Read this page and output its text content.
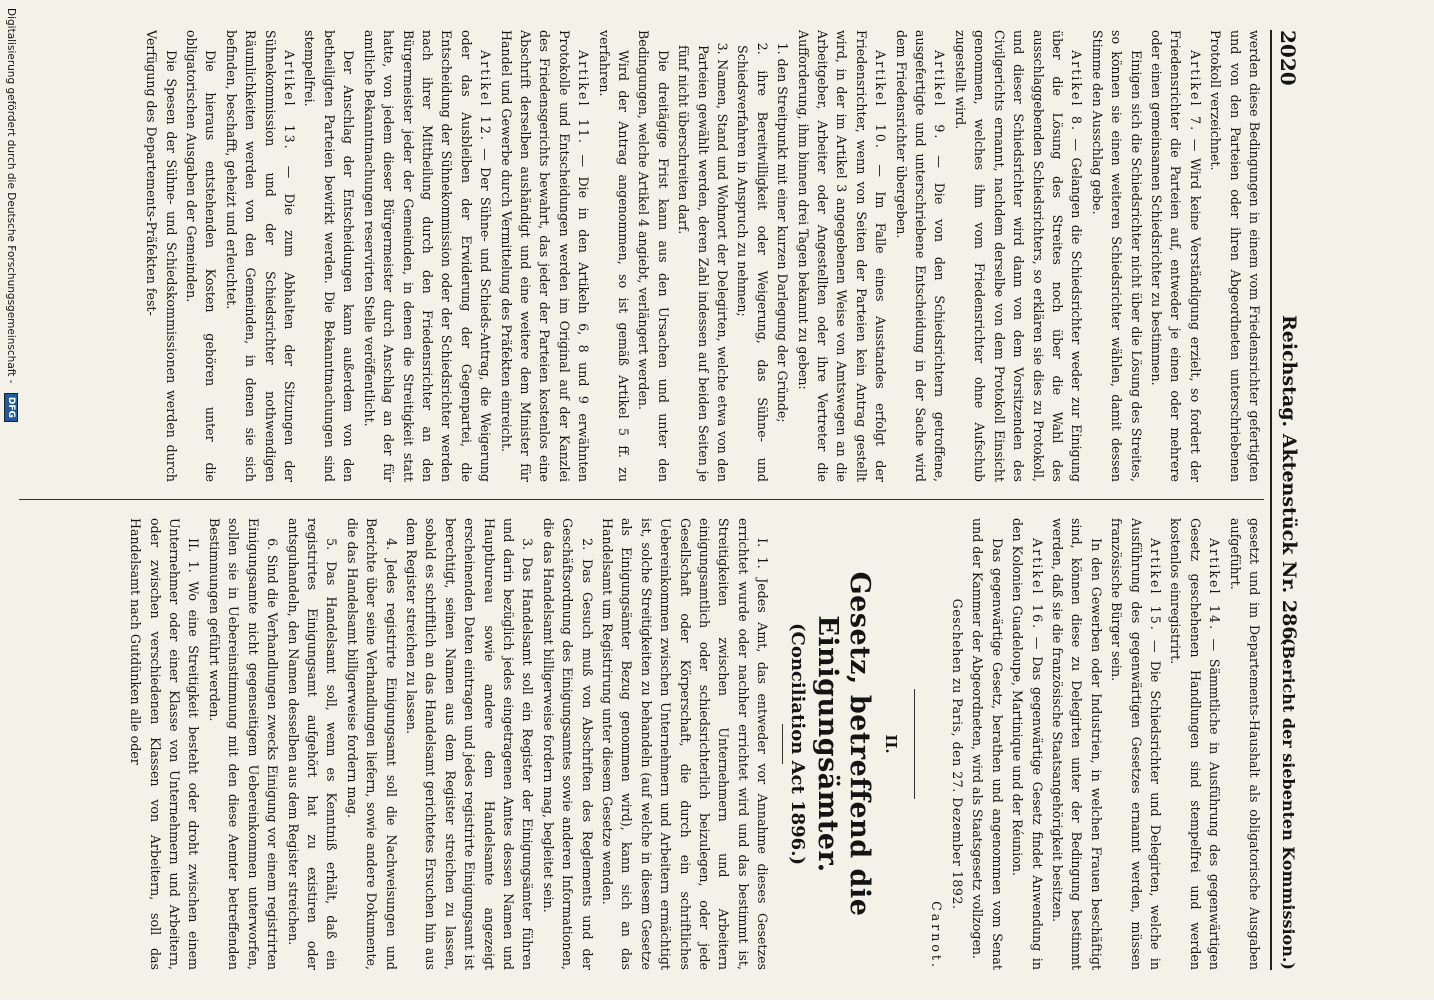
2020
Reichstag. Aktenstück Nr. 286.
(Bericht der siebenten Kommission.)

werden diese Bedingungen in einem vom Friedensrichter gefertigten und von den Parteien oder ihren Abgeordneten unterschriebenen Protokoll verzeichnet.

Artikel 7. — Wird keine Verständigung erzielt, so fordert der Friedensrichter die Parteien auf, entweder je einen oder mehrere oder einen gemeinsamen Schiedsrichter zu bestimmen.

Einigen sich die Schiedsrichter nicht über die Lösung des Streites, so können sie einen weiteren Schiedsrichter wählen, damit dessen Stimme den Ausschlag gebe.

Artikel 8. — Gelangen die Schiedsrichter weder zur Einigung über die Lösung des Streites noch über die Wahl des ausschlaggebenden Schiedsrichters, so erklären sie dies zu Protokoll, und dieser Schiedsrichter wird dann von dem Vorsitzenden des Civilgerichts ernannt, nachdem derselbe von dem Protokoll Einsicht genommen, welches ihm vom Friedensrichter ohne Aufschub zugestellt wird.

Artikel 9. — Die von den Schiedsrichtern getroffene, ausgefertigte und unterschriebene Entscheidung in der Sache wird dem Friedensrichter übergeben.

Artikel 10. — Im Falle eines Ausstandes erfolgt der Friedensrichter, wenn von Seiten der Parteien kein Antrag gestellt wird, in der im Artikel 3 angegebenen Weise von Amtswegen an die Arbeitgeber, Arbeiter oder Angestellten oder ihre Vertreter die Aufforderung, ihm binnen drei Tagen bekannt zu geben:

1. den Streitpunkt mit einer kurzen Darlegung der Gründe;

2. ihre Bereitwilligkeit oder Weigerung, das Sühne- und Schiedsverfahren in Anspruch zu nehmen;

3. Namen, Stand und Wohnort der Delegirten, welche etwa von den Parteien gewählt werden, deren Zahl indessen auf beiden Seiten je fünf nicht überschreiten darf.

Die dreitägige Frist kann aus den Ursachen und unter den Bedingungen, welche Artikel 4 angiebt, verlängert werden.

Wird der Antrag angenommen, so ist gemäß Artikel 5 ff. zu verfahren.

Artikel 11. — Die in den Artikeln 6, 8 und 9 erwähnten Protokolle und Entscheidungen werden im Original auf der Kanzlei des Friedensgerichts bewahrt, das jeder der Parteien kostenlos eine Abschrift derselben aushändigt und eine weitere dem Minister für Handel und Gewerbe durch Vermittelung des Präfekten einreicht.

Artikel 12. — Der Sühne- und Schieds-Antrag, die Weigerung oder das Ausbleiben der Erwiderung der Gegenpartei, die Entscheidung der Sühnekommission oder der Schiedsrichter werden nach ihrer Mittheilung durch den Friedensrichter an den Bürgermeister jeder der Gemeinden, in denen die Streitigkeit statt hatte, von jedem dieser Bürgermeister durch Anschlag an der für amtliche Bekanntmachungen reservirten Stelle veröffentlicht.

Der Anschlag der Entscheidungen kann außerdem von den betheiligten Parteien bewirkt werden. Die Bekanntmachungen sind stempelfrei.

Artikel 13. — Die zum Abhalten der Sitzungen der Sühnekommission und der Schiedsrichter nothwendigen Räumlichkeiten werden von den Gemeinden, in denen sie sich befinden, beschafft, geheizt und erleuchtet.

Die hieraus entstehenden Kosten gehören unter die obligatorischen Ausgaben der Gemeinden.

Die Spesen der Sühne- und Schiedskommissionen werden durch Verfügung des Departements-Präfekten fest-

gesetzt und im Departements-Haushalt als obligatorische Ausgaben aufgeführt.

Artikel 14. — Sämmtliche in Ausführung des gegenwärtigen Gesetz geschehenen Handlungen sind stempelfrei und werden kostenlos einregistrirt.

Artikel 15. — Die Schiedsrichter und Delegirten, welche in Ausführung des gegenwärtigen Gesetzes ernannt werden, müssen französische Bürger sein.

In den Gewerben oder Industrien, in welchen Frauen beschäftigt sind, können diese zu Delegirten unter der Bedingung bestimmt werden, daß sie die französische Staatsangehörigkeit besitzen.

Artikel 16. — Das gegenwärtige Gesetz findet Anwendung in den Kolonien Guadeloupe, Martinique und der Réunion.

Das gegenwärtige Gesetz, berathen und angenommen vom Senat und der Kammer der Abgeordneten, wird als Staatsgesetz vollzogen.

Geschehen zu Paris, den 27. Dezember 1892.

Carnot.

II.
Gesetz, betreffend die Einigungsämter.
(Conciliation Act 1896.)

I. 1. Jedes Amt, das entweder vor Annahme dieses Gesetzes errichtet wurde oder nachher errichtet wird und das bestimmt ist, Streitigkeiten zwischen Unternehmern und Arbeitern einigungsamtlich oder schiedsrichterlich beizulegen, oder jede Gesellschaft oder Körperschaft, die durch ein schriftliches Uebereinkommen zwischen Unternehmern und Arbeitern ermächtigt ist, solche Streitigkeiten zu behandeln (auf welche in diesem Gesetze als Einigungsämter Bezug genommen wird), kann sich an das Handelsamt um Registrirung unter diesem Gesetze wenden.

2. Das Gesuch muß von Abschriften des Reglements und der Geschäftsordnung des Einigungsamtes sowie anderen Informationen, die das Handelsamt billigerweise fordern mag, begleitet sein.

3. Das Handelsamt soll ein Register der Einigungsämter führen und darin bezüglich jedes eingetragenen Amtes dessen Namen und Hauptbureau sowie andere dem Handelsamte angezeigt erscheinenden Daten eintragen und jedes registrirte Einigungsamt ist berechtigt, seinen Namen aus dem Register streichen zu lassen, sobald es schriftlich an das Handelsamt gerichtetes Ersuchen hin aus dem Register streichen zu lassen.

4. Jedes registrirte Einigungsamt soll die Nachweisungen und Berichte über seine Verhandlungen liefern, sowie andere Dokumente, die das Handelsamt billigerweise fordern mag.

5. Das Handelsamt soll, wenn es Kenntniß erhält, daß ein registrirtes Einigungsamt aufgehört hat zu existiren oder antsguhandeln, den Namen desselben aus dem Register streichen.

6. Sind die Verhandlungen zwecks Einigung vor einem registrirten Einigungsamte nicht gegenseitigem Uebereinkommen unterworfen, sollen sie in Uebereinstimmung mit den diese Aemter betreffenden Bestimmungen geführt werden.

II. 1. Wo eine Streitigkeit besteht oder droht zwischen einem Unternehmer oder einer Klasse von Unternehmern und Arbeitern, oder zwischen verschiedenen Klassen von Arbeitern, soll das Handelsamt nach Gutdünken alle oder

Digitalisierung gefördert durch die Deutsche Forschungsgemeinschaft - DFG
